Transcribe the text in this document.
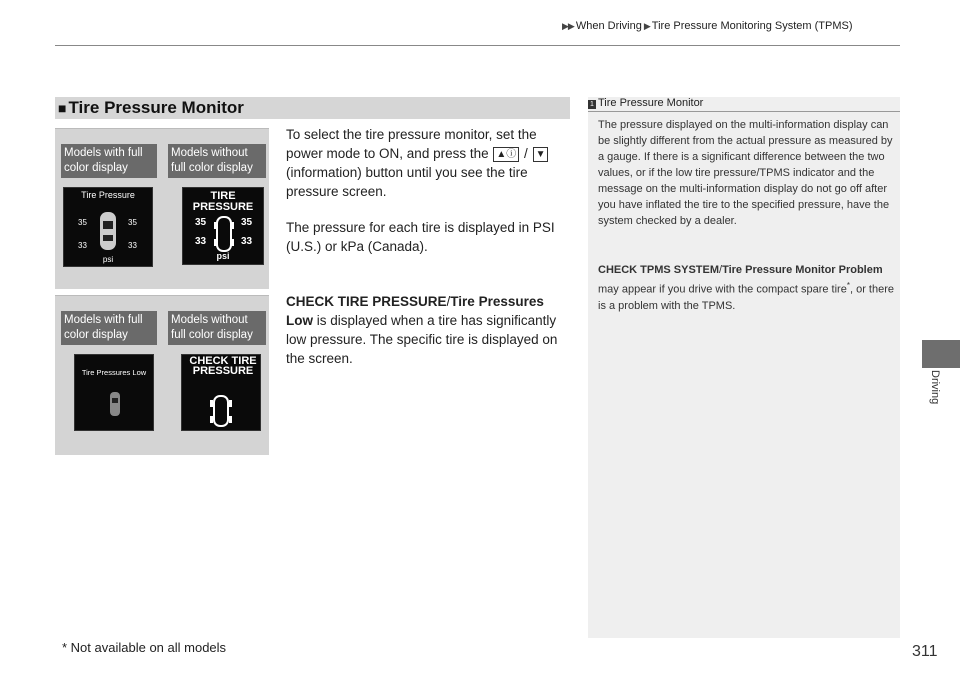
▶▶ When Driving ▶ Tire Pressure Monitoring System (TPMS)
Driving
■ Tire Pressure Monitor
Models with full color display
Models without full color display
Tire Pressure
35	35
33	33
psi
TIRE PRESSURE
35	35
33	33
psi
Models with full color display
Models without full color display
Tire Pressures Low
CHECK TIRE PRESSURE
To select the tire pressure monitor, set the power mode to ON, and press the ▲ⓘ / ▼ (information) button until you see the tire pressure screen.
The pressure for each tire is displayed in PSI (U.S.) or kPa (Canada).
CHECK TIRE PRESSURE/Tire Pressures Low is displayed when a tire has significantly low pressure. The specific tire is displayed on the screen.
1 Tire Pressure Monitor
The pressure displayed on the multi-information display can be slightly different from the actual pressure as measured by a gauge. If there is a significant difference between the two values, or if the low tire pressure/TPMS indicator and the message on the multi-information display do not go off after you have inflated the tire to the specified pressure, have the system checked by a dealer.
CHECK TPMS SYSTEM/Tire Pressure Monitor Problem may appear if you drive with the compact spare tire*, or there is a problem with the TPMS.
* Not available on all models	311
